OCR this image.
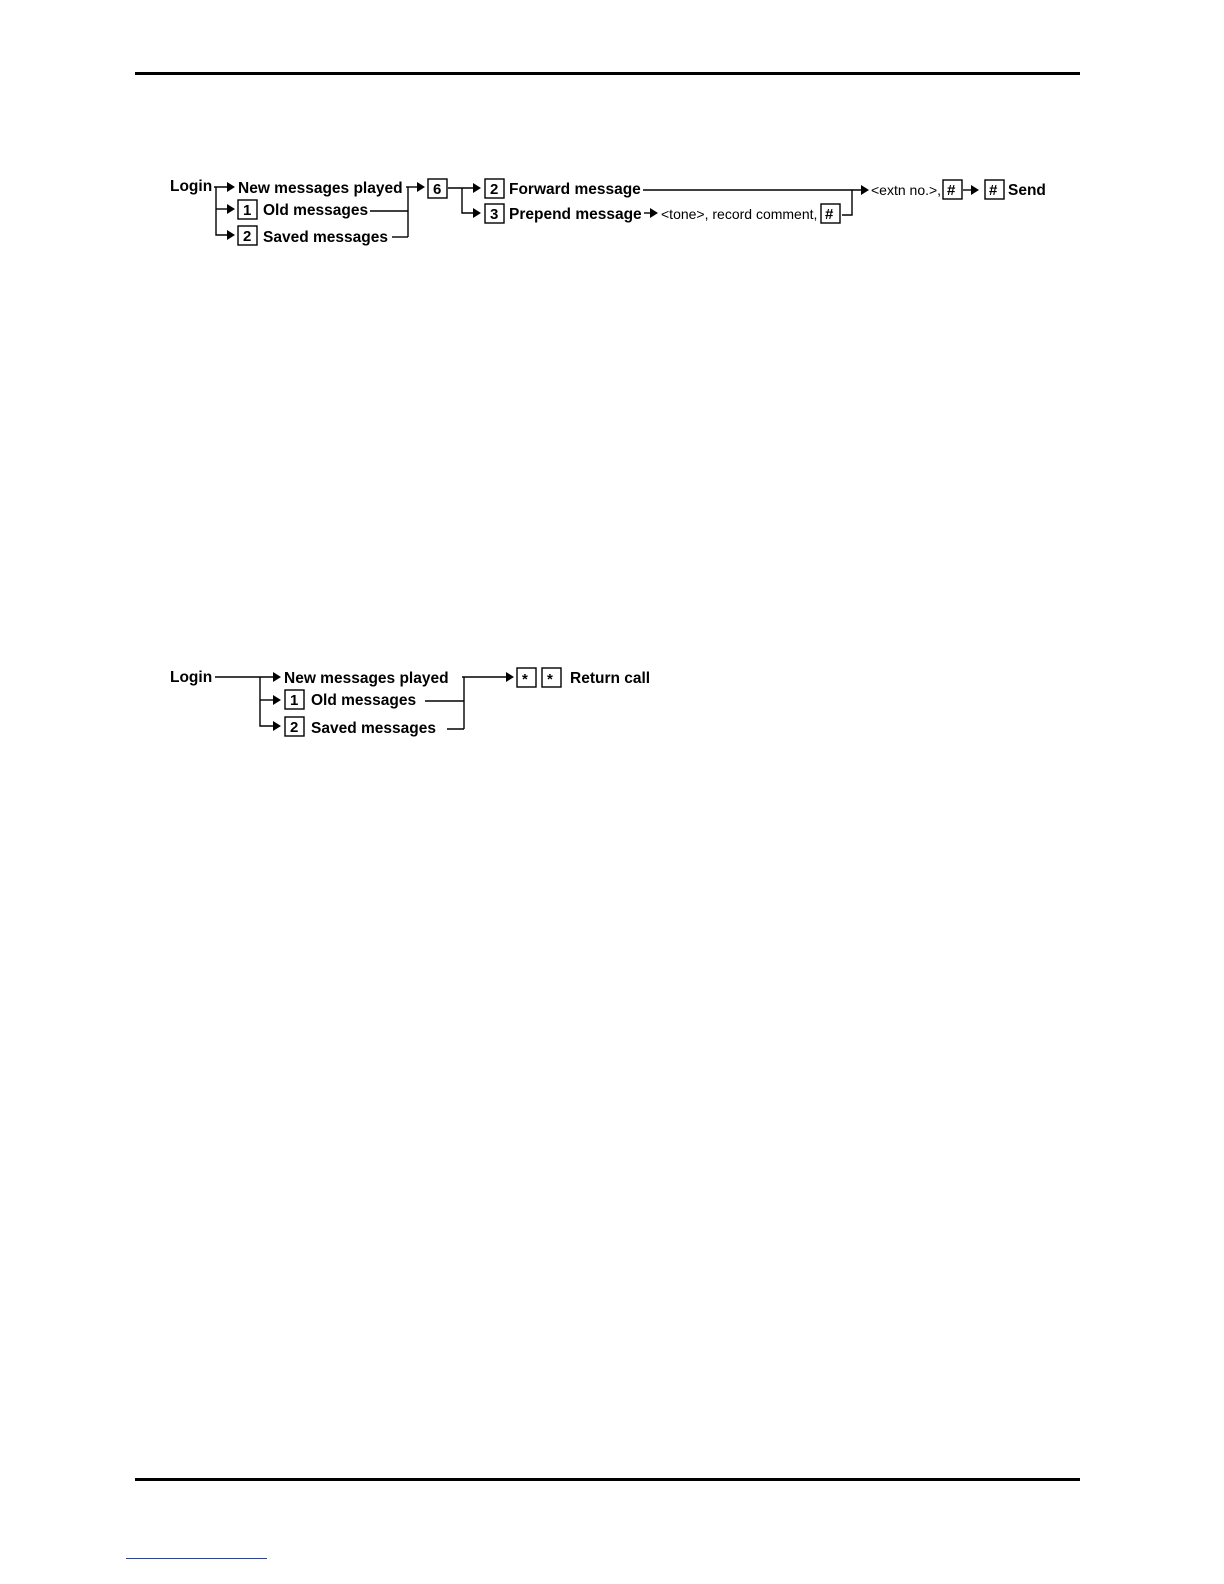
Login New messages played
1 Old messages
2 Saved messages
6	2 Forward message
3 Prepend message <tone>, record comment, #
<extn no.>, # # Send
Login	New messages played
1 Old messages
2 Saved messages
* * Return call
